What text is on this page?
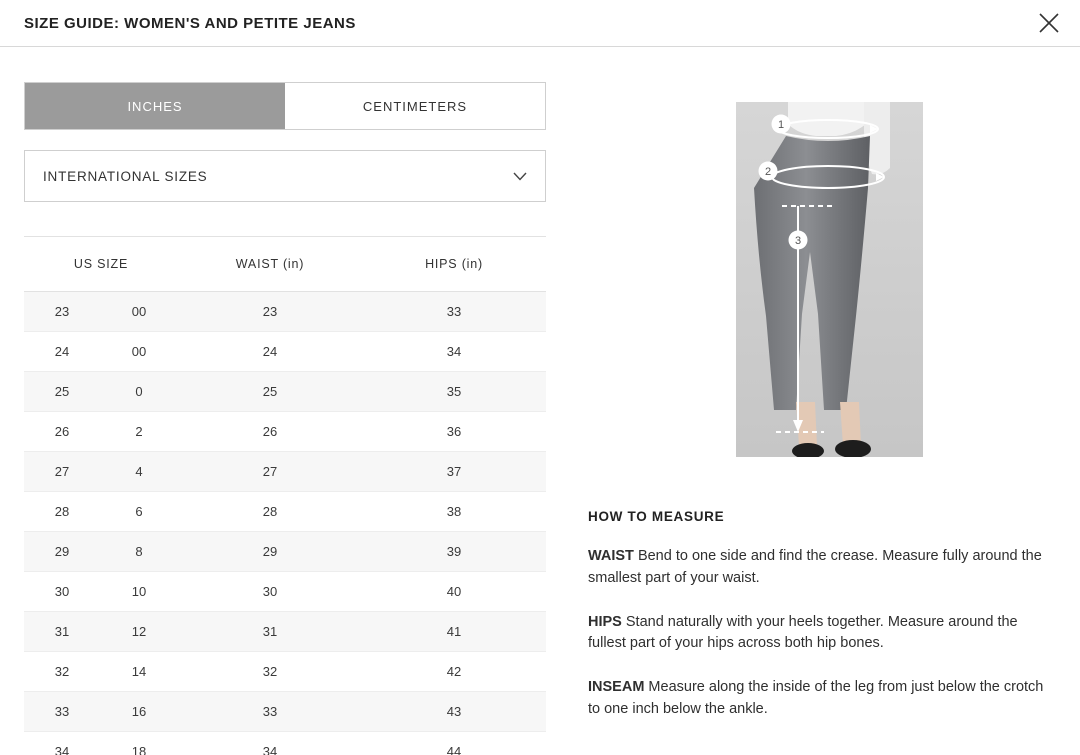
SIZE GUIDE: WOMEN'S AND PETITE JEANS
INCHES	CENTIMETERS
INTERNATIONAL SIZES
US SIZE		WAIST (in)	HIPS (in)
23	00	23	33
24	00	24	34
25	0	25	35
26	2	26	36
27	4	27	37
28	6	28	38
29	8	29	39
30	10	30	40
31	12	31	41
32	14	32	42
33	16	33	43
34	18	34	44
1
2
3
HOW TO MEASURE

WAIST Bend to one side and find the crease. Measure fully around the smallest part of your waist.

HIPS Stand naturally with your heels together. Measure around the fullest part of your hips across both hip bones.

INSEAM Measure along the inside of the leg from just below the crotch to one inch below the ankle.
